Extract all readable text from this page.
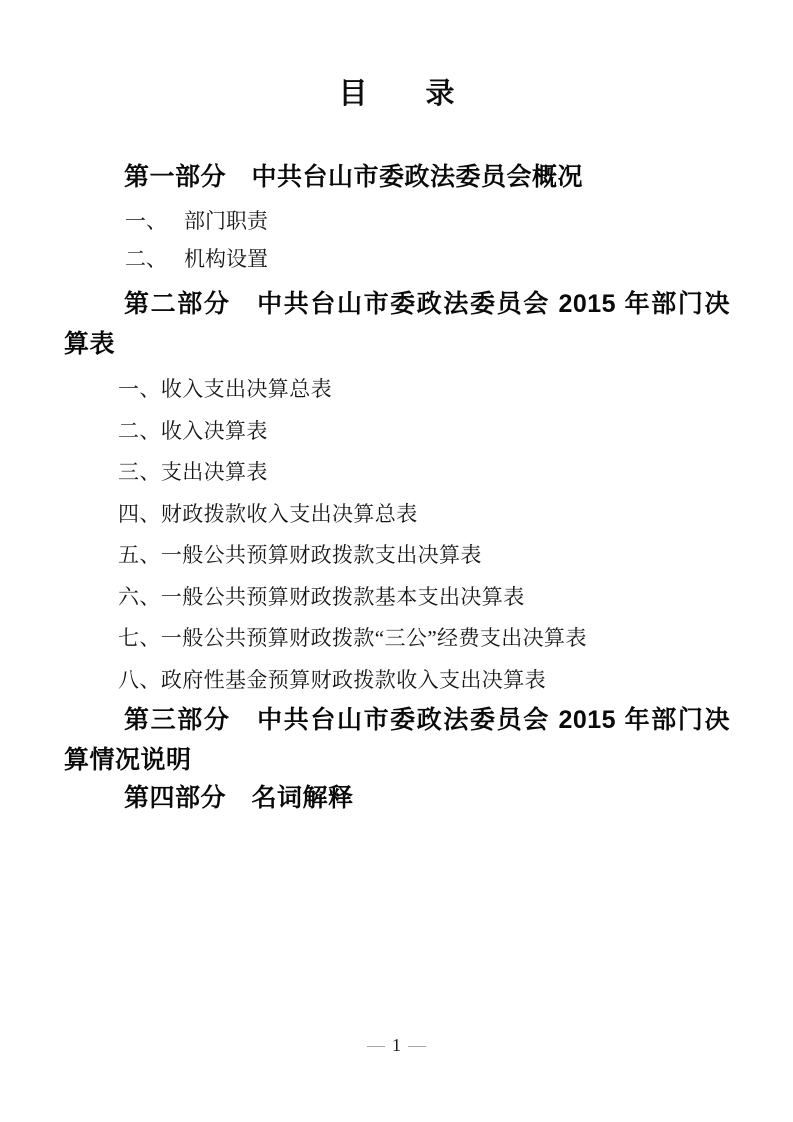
目　　录
第一部分　中共台山市委政法委员会概况
一、 部门职责
二、 机构设置
第二部分　中共台山市委政法委员会 2015 年部门决算表
一、收入支出决算总表
二、收入决算表
三、支出决算表
四、财政拨款收入支出决算总表
五、一般公共预算财政拨款支出决算表
六、一般公共预算财政拨款基本支出决算表
七、一般公共预算财政拨款“三公”经费支出决算表
八、政府性基金预算财政拨款收入支出决算表
第三部分　中共台山市委政法委员会 2015 年部门决算情况说明
第四部分　名词解释
— 1 —
